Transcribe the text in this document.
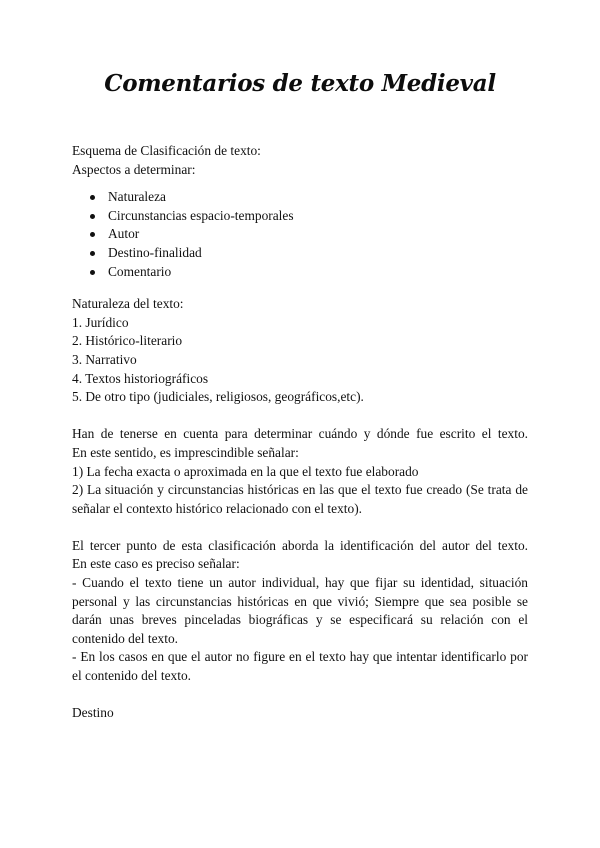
Comentarios de texto Medieval
Esquema de Clasificación de texto:
Aspectos a determinar:
Naturaleza
Circunstancias espacio-temporales
Autor
Destino-finalidad
Comentario
Naturaleza del texto:
1. Jurídico
2. Histórico-literario
3. Narrativo
4. Textos historiográficos
5. De otro tipo (judiciales, religiosos, geográficos,etc).
Han de tenerse en cuenta para determinar cuándo y dónde fue escrito el texto.
En este sentido, es imprescindible señalar:
1) La fecha exacta o aproximada en la que el texto fue elaborado
2) La situación y circunstancias históricas en las que el texto fue creado (Se trata de señalar el contexto histórico relacionado con el texto).
El tercer punto de esta clasificación aborda la identificación del autor del texto.
En este caso es preciso señalar:
- Cuando el texto tiene un autor individual, hay que fijar su identidad, situación personal y las circunstancias históricas en que vivió; Siempre que sea posible se darán unas breves pinceladas biográficas y se especificará su relación con el contenido del texto.
- En los casos en que el autor no figure en el texto hay que intentar identificarlo por el contenido del texto.
Destino
